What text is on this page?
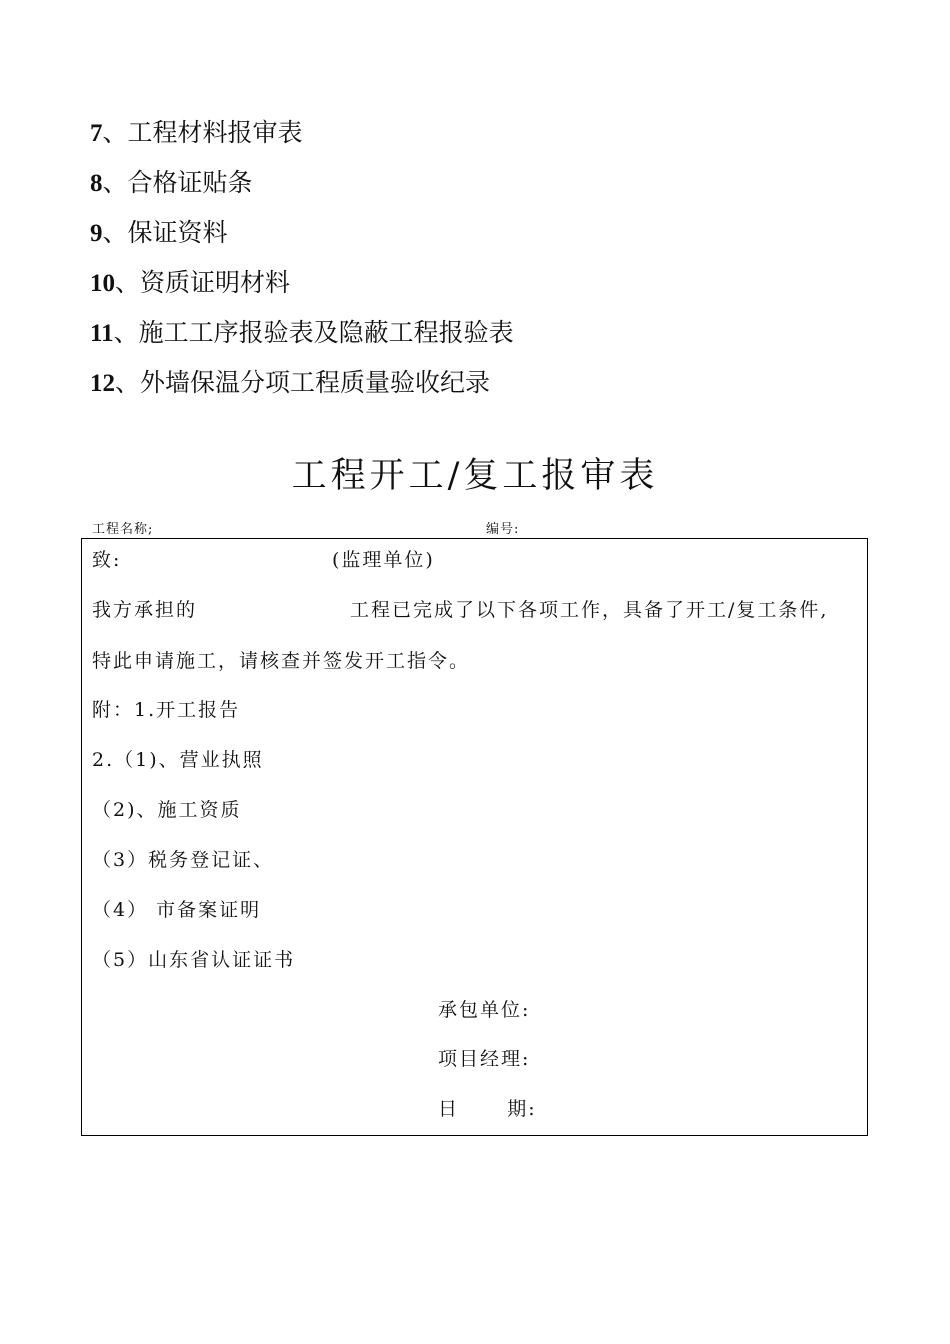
7、工程材料报审表
8、合格证贴条
9、保证资料
10、资质证明材料
11、施工工序报验表及隐蔽工程报验表
12、外墙保温分项工程质量验收纪录
工程开工/复工报审表
工程名称;	编号:
致:	(监理单位)
我方承担的	工程已完成了以下各项工作，具备了开工/复工条件,
特此申请施工，请核查并签发开工指令。
附：1.开工报告
2.（1)、营业执照
（2)、施工资质
（3）税务登记证、
（4） 市备案证明
（5）山东省认证证书
承包单位:
项目经理:
日      期:
